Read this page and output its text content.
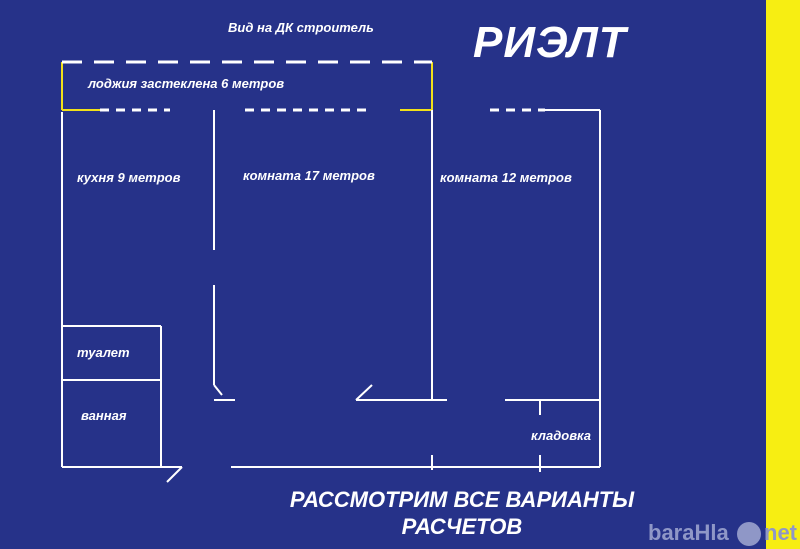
Вид на ДК строитель РИЭЛТ
лоджия застеклена 6 метров
кухня 9 метров	комната 17 метров	комната 12 метров
туалет
ванная
кладовка
РАССМОТРИМ ВСЕ ВАРИАНТЫ
РАСЧЕТОВ	baraHla net
